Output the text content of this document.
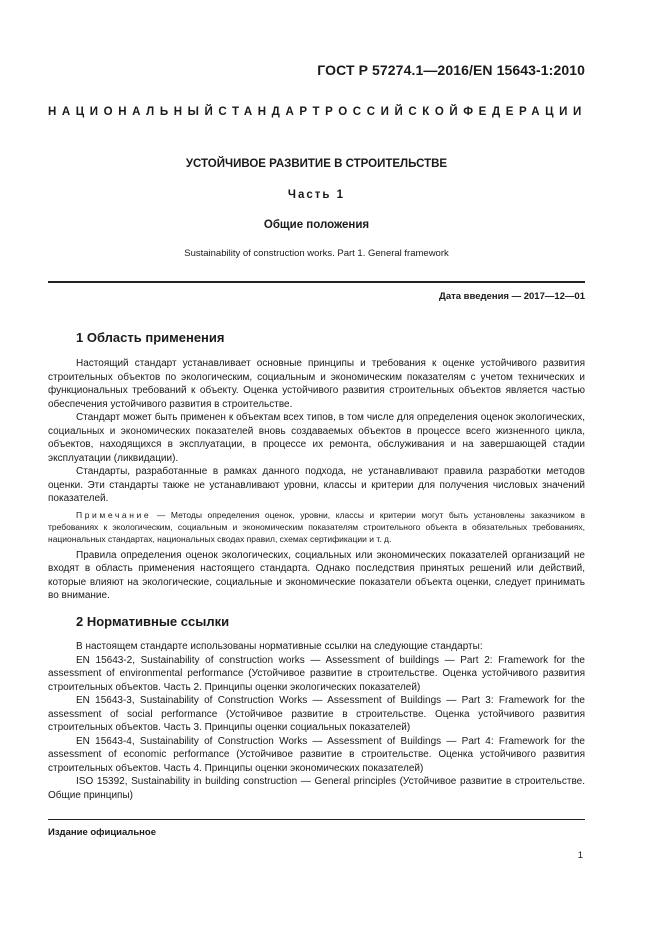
ГОСТ Р 57274.1—2016/EN 15643-1:2010
НАЦИОНАЛЬНЫЙ СТАНДАРТ РОССИЙСКОЙ ФЕДЕРАЦИИ
УСТОЙЧИВОЕ РАЗВИТИЕ В СТРОИТЕЛЬСТВЕ
Часть 1
Общие положения
Sustainability of construction works. Part 1. General framework
Дата введения — 2017—12—01
1 Область применения

Настоящий стандарт устанавливает основные принципы и требования к оценке устойчивого развития строительных объектов по экологическим, социальным и экономическим показателям с учетом технических и функциональных требований к объекту. Оценка устойчивого развития строительных объектов является частью обеспечения устойчивого развития в строительстве.

Стандарт может быть применен к объектам всех типов, в том числе для определения оценок экологических, социальных и экономических показателей вновь создаваемых объектов в процессе всего жизненного цикла, объектов, находящихся в эксплуатации, в процессе их ремонта, обслуживания и на завершающей стадии эксплуатации (ликвидации).

Стандарты, разработанные в рамках данного подхода, не устанавливают правила разработки методов оценки. Эти стандарты также не устанавливают уровни, классы и критерии для получения числовых значений показателей.

Примечание — Методы определения оценок, уровни, классы и критерии могут быть установлены заказчиком в требованиях к экологическим, социальным и экономическим показателям строительного объекта в обязательных требованиях, национальных стандартах, национальных сводах правил, схемах сертификации и т. д.

Правила определения оценок экологических, социальных или экономических показателей организаций не входят в область применения настоящего стандарта. Однако последствия принятых решений или действий, которые влияют на экологические, социальные и экономические показатели объекта оценки, следует принимать во внимание.

2 Нормативные ссылки

В настоящем стандарте использованы нормативные ссылки на следующие стандарты:

EN 15643-2, Sustainability of construction works — Assessment of buildings — Part 2: Framework for the assessment of environmental performance (Устойчивое развитие в строительстве. Оценка устойчивого развития строительных объектов. Часть 2. Принципы оценки экологических показателей)

EN 15643-3, Sustainability of Construction Works — Assessment of Buildings — Part 3: Framework for the assessment of social performance (Устойчивое развитие в строительстве. Оценка устойчивого развития строительных объектов. Часть 3. Принципы оценки социальных показателей)

EN 15643-4, Sustainability of Construction Works — Assessment of Buildings — Part 4: Framework for the assessment of economic performance (Устойчивое развитие в строительстве. Оценка устойчивого развития строительных объектов. Часть 4. Принципы оценки экономических показателей)

ISO 15392, Sustainability in building construction — General principles (Устойчивое развитие в строительстве. Общие принципы)

Издание официальное
1
